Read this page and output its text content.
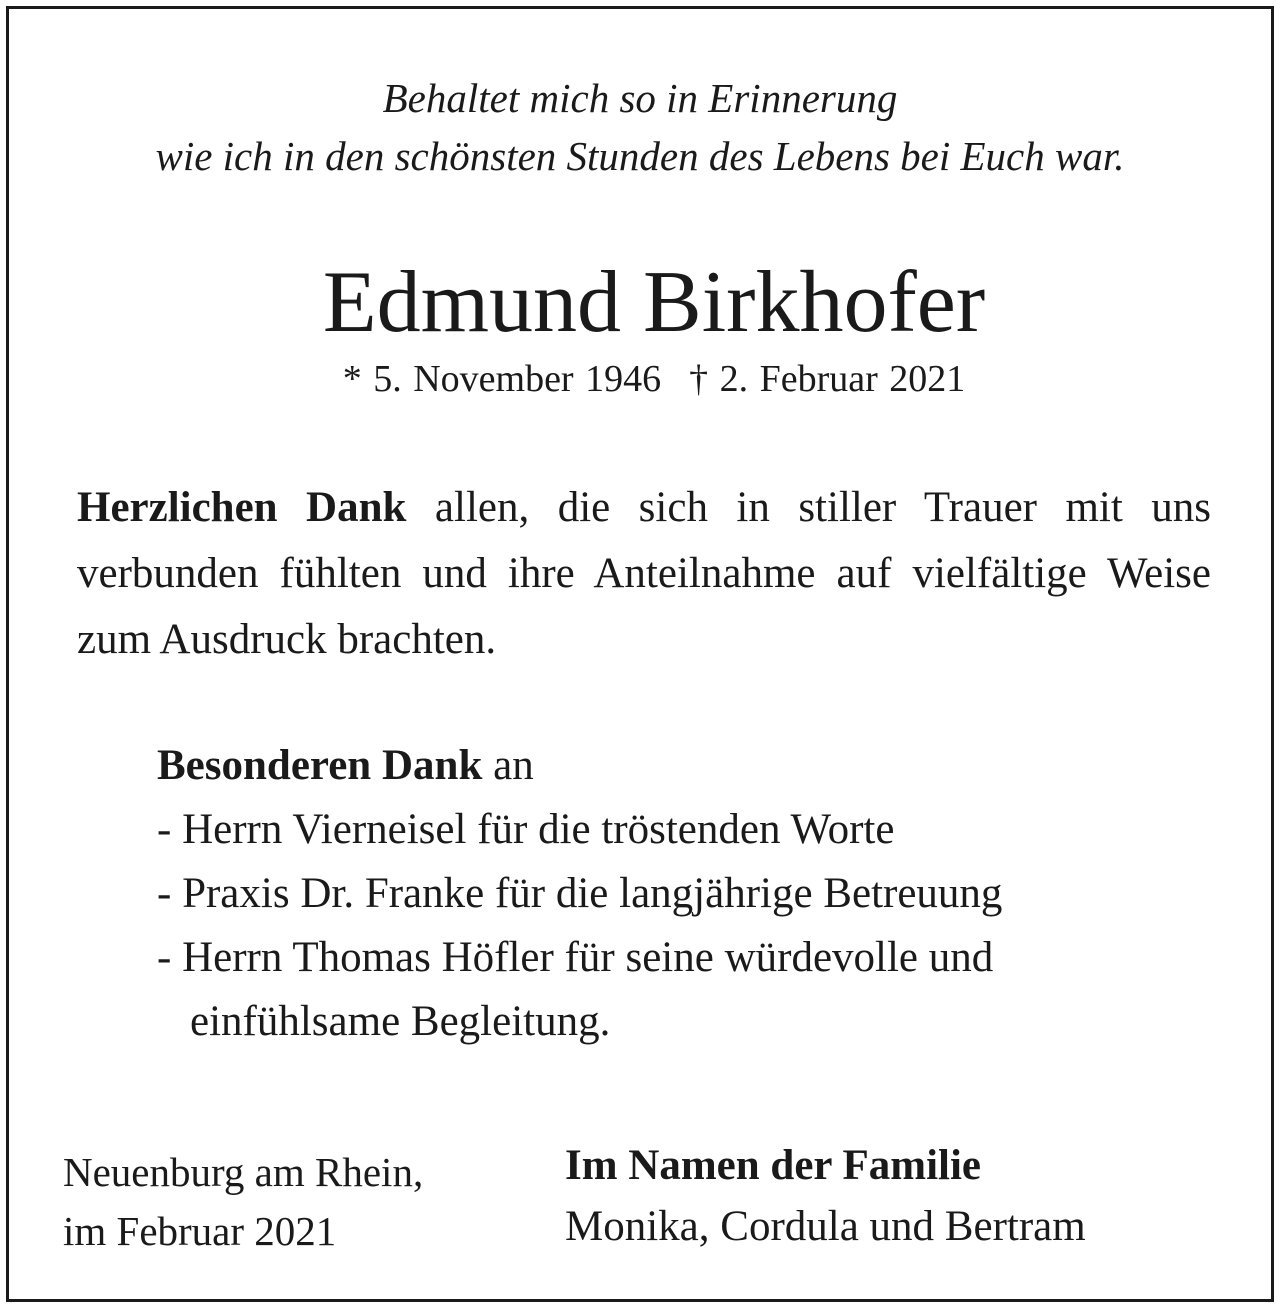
Behaltet mich so in Erinnerung
wie ich in den schönsten Stunden des Lebens bei Euch war.
Edmund Birkhofer
* 5. November 1946 † 2. Februar 2021
Herzlichen Dank allen, die sich in stiller Trauer mit uns verbunden fühlten und ihre Anteilnahme auf vielfältige Weise zum Ausdruck brachten.
Besonderen Dank an
- Herrn Vierneisel für die tröstenden Worte
- Praxis Dr. Franke für die langjährige Betreuung
- Herrn Thomas Höfler für seine würdevolle und
einfühlsame Begleitung.
Neuenburg am Rhein,
im Februar 2021
Im Namen der Familie
Monika, Cordula und Bertram
